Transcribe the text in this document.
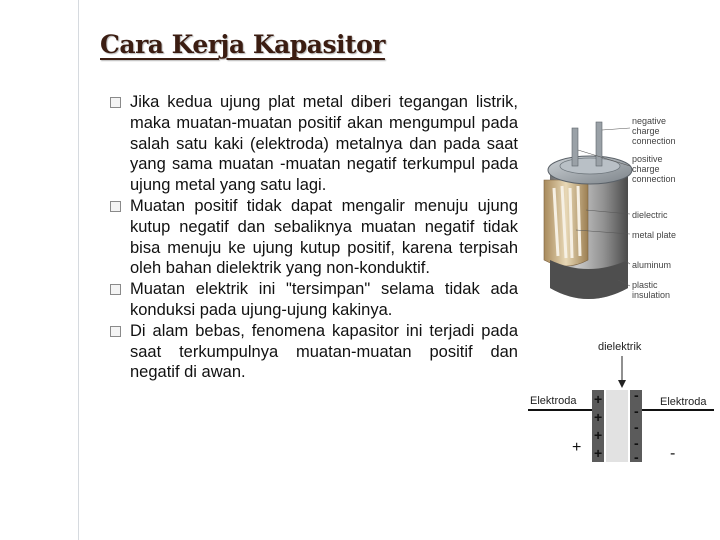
Cara Kerja Kapasitor
Jika kedua ujung plat metal diberi tegangan listrik, maka muatan-muatan positif akan mengumpul pada salah satu kaki (elektroda) metalnya dan pada saat yang sama muatan -muatan negatif terkumpul pada ujung metal yang satu lagi.
Muatan positif tidak dapat mengalir menuju ujung kutup negatif dan sebaliknya muatan negatif tidak bisa menuju ke ujung kutup positif, karena terpisah oleh bahan dielektrik yang non-konduktif.
Muatan elektrik ini "tersimpan" selama tidak ada konduksi pada ujung-ujung kakinya.
Di alam bebas, fenomena kapasitor ini terjadi pada saat terkumpulnya muatan-muatan positif dan negatif di awan.
negative
charge
connection
positive
charge
connection
dielectric
metal plate
aluminum
plastic
insulation
dielektrik
Elektroda	Elektroda
+	-
+
+
+
+
-
-
-
-
-
